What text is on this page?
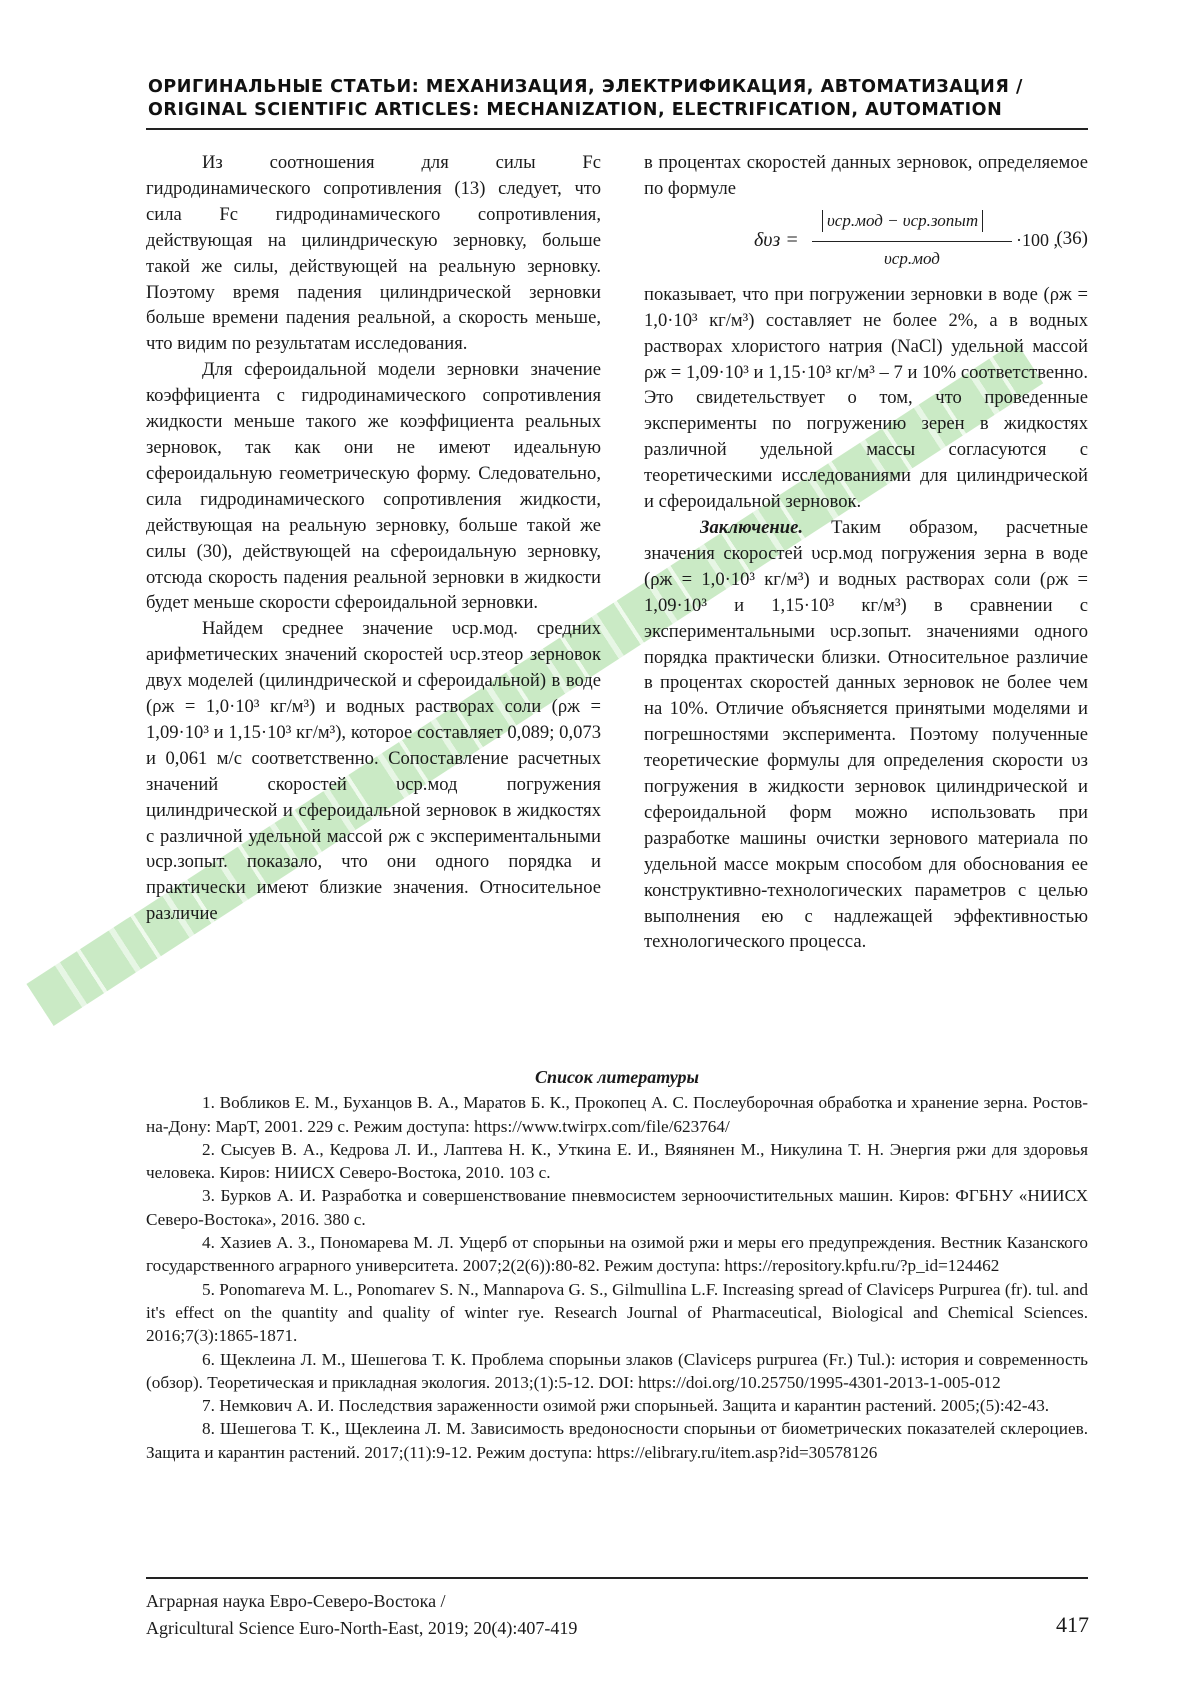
ОРИГИНАЛЬНЫЕ СТАТЬИ: МЕХАНИЗАЦИЯ, ЭЛЕКТРИФИКАЦИЯ, АВТОМАТИЗАЦИЯ /
ORIGINAL SCIENTIFIC ARTICLES: MECHANIZATION, ELECTRIFICATION, AUTOMATION

Из соотношения для силы Fс гидродинамического сопротивления (13) следует, что сила Fс гидродинамического сопротивления, действующая на цилиндрическую зерновку, больше такой же силы, действующей на реальную зерновку. Поэтому время падения цилиндрической зерновки больше времени падения реальной, а скорость меньше, что видим по результатам исследования.

Для сфероидальной модели зерновки значение коэффициента c гидродинамического сопротивления жидкости меньше такого же коэффициента реальных зерновок, так как они не имеют идеальную сфероидальную геометрическую форму. Следовательно, сила гидродинамического сопротивления жидкости, действующая на реальную зерновку, больше такой же силы (30), действующей на сфероидальную зерновку, отсюда скорость падения реальной зерновки в жидкости будет меньше скорости сфероидальной зерновки.

Найдем среднее значение υср.мод. средних арифметических значений скоростей υср.зтеор зерновок двух моделей (цилиндрической и сфероидальной) в воде (ρж = 1,0·10³ кг/м³) и водных растворах соли (ρж = 1,09·10³ и 1,15·10³ кг/м³), которое составляет 0,089; 0,073 и 0,061 м/с соответственно. Сопоставление расчетных значений скоростей υср.мод погружения цилиндрической и сфероидальной зерновок в жидкостях с различной удельной массой ρж с экспериментальными υср.зопыт. показало, что они одного порядка и практически имеют близкие значения. Относительное различие

в процентах скоростей данных зерновок, определяемое по формуле

δυз =
υср.мод − υср.зопыт
υср.мод
·100 ,
(36)

показывает, что при погружении зерновки в воде (ρж = 1,0·10³ кг/м³) составляет не более 2%, а в водных растворах хлористого натрия (NaCl) удельной массой ρж = 1,09·10³ и 1,15·10³ кг/м³ – 7 и 10% соответственно. Это свидетельствует о том, что проведенные эксперименты по погружению зерен в жидкостях различной удельной массы согласуются с теоретическими исследованиями для цилиндрической и сфероидальной зерновок.

Заключение. Таким образом, расчетные значения скоростей υср.мод погружения зерна в воде (ρж = 1,0·10³ кг/м³) и водных растворах соли (ρж = 1,09·10³ и 1,15·10³ кг/м³) в сравнении с экспериментальными υср.зопыт. значениями одного порядка практически близки. Относительное различие в процентах скоростей данных зерновок не более чем на 10%. Отличие объясняется принятыми моделями и погрешностями эксперимента. Поэтому полученные теоретические формулы для определения скорости υз погружения в жидкости зерновок цилиндрической и сфероидальной форм можно использовать при разработке машины очистки зернового материала по удельной массе мокрым способом для обоснования ее конструктивно-технологических параметров с целью выполнения ею с надлежащей эффективностью технологического процесса.

Список литературы

1. Вобликов Е. М., Буханцов В. А., Маратов Б. К., Прокопец А. С. Послеуборочная обработка и хранение зерна. Ростов-на-Дону: МарТ, 2001. 229 с. Режим доступа: https://www.twirpx.com/file/623764/

2. Сысуев В. А., Кедрова Л. И., Лаптева Н. К., Уткина Е. И., Вяянянен М., Никулина Т. Н. Энергия ржи для здоровья человека. Киров: НИИСХ Северо-Востока, 2010. 103 с.

3. Бурков А. И. Разработка и совершенствование пневмосистем зерноочистительных машин. Киров: ФГБНУ «НИИСХ Северо-Востока», 2016. 380 с.

4. Хазиев А. З., Пономарева М. Л. Ущерб от спорыньи на озимой ржи и меры его предупреждения. Вестник Казанского государственного аграрного университета. 2007;2(2(6)):80-82. Режим доступа: https://repository.kpfu.ru/?p_id=124462

5. Ponomareva M. L., Ponomarev S. N., Mannapova G. S., Gilmullina L.F. Increasing spread of Claviceps Purpurea (fr). tul. and it's effect on the quantity and quality of winter rye. Research Journal of Pharmaceutical, Biological and Chemical Sciences. 2016;7(3):1865-1871.

6. Щеклеина Л. М., Шешегова Т. К. Проблема спорыньи злаков (Claviceps purpurea (Fr.) Tul.): история и современность (обзор). Теоретическая и прикладная экология. 2013;(1):5-12. DOI: https://doi.org/10.25750/1995-4301-2013-1-005-012

7. Немкович А. И. Последствия зараженности озимой ржи спорыньей. Защита и карантин растений. 2005;(5):42-43.

8. Шешегова Т. К., Щеклеина Л. М. Зависимость вредоносности спорыньи от биометрических показателей склероциев. Защита и карантин растений. 2017;(11):9-12. Режим доступа: https://elibrary.ru/item.asp?id=30578126

Аграрная наука Евро-Северо-Востока /
Agricultural Science Euro-North-East, 2019; 20(4):407-419	417
